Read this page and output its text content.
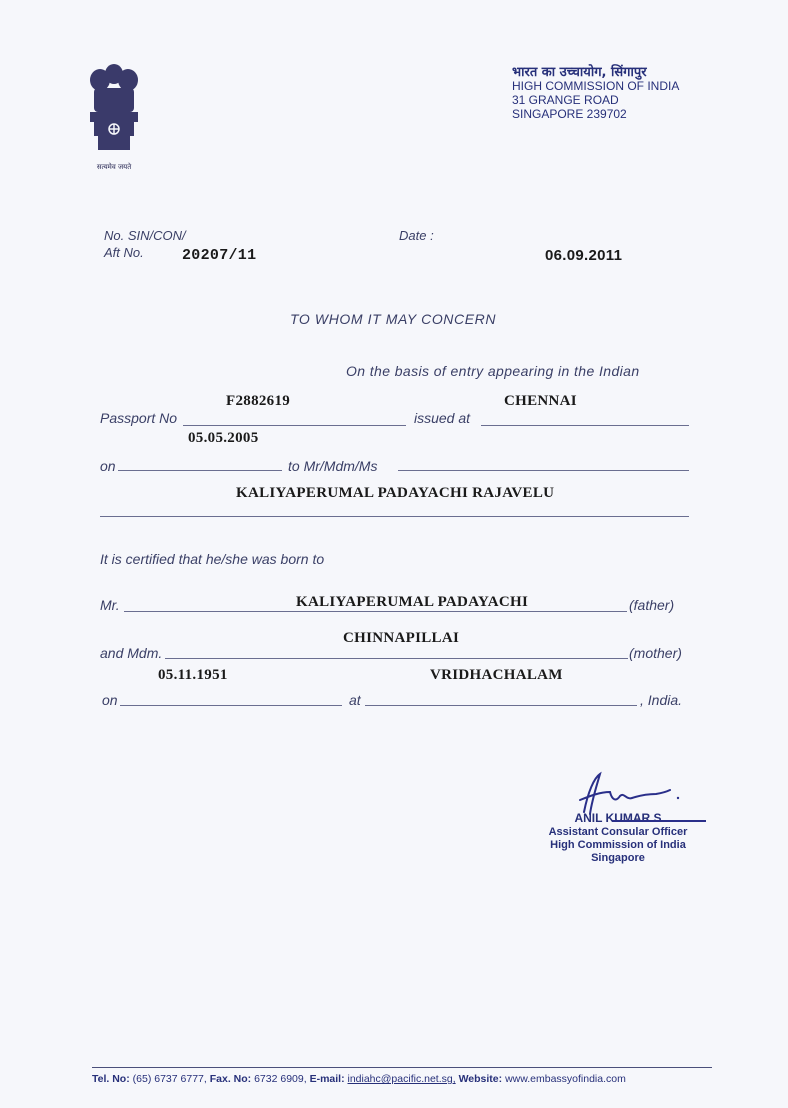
सत्यमेव जयते
भारत का उच्चायोग, सिंगापुर
HIGH COMMISSION OF INDIA
31 GRANGE ROAD
SINGAPORE 239702
No. SIN/CON/
Aft No.	20207/11
Date :
06.09.2011
TO WHOM IT MAY CONCERN
On the basis of entry appearing in the Indian
F2882619	CHENNAI
Passport No	issued at
05.05.2005
on	to Mr/Mdm/Ms
KALIYAPERUMAL PADAYACHI RAJAVELU
It is certified that he/she was born to
Mr.	KALIYAPERUMAL PADAYACHI	(father)
CHINNAPILLAI
and Mdm.	(mother)
05.11.1951	VRIDHACHALAM
on	at	, India.
ANIL KUMAR.S
Assistant Consular Officer
High Commission of India
Singapore
Tel. No: (65) 6737 6777, Fax. No: 6732 6909, E-mail: indiahc@pacific.net.sg, Website: www.embassyofindia.com
